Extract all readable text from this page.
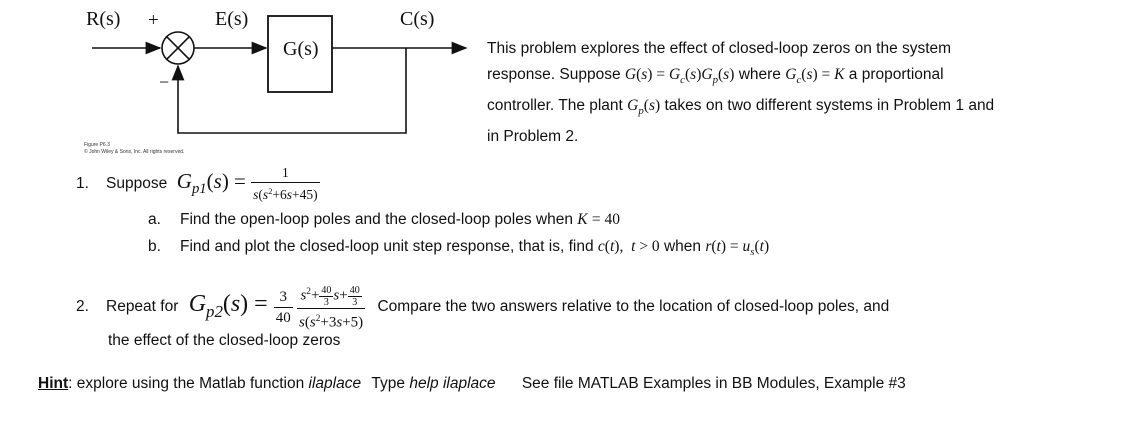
R(s) +	E(s)
G(s)
C(s)
−
Figure P6.3
© John Wiley & Sons, Inc. All rights reserved.
This problem explores the effect of closed-loop zeros on the system
response. Suppose $G(s) = G_c(s)G_p(s)$ where $G_c(s) = K$ a proportional
controller. The plant $G_p(s)$ takes on two different systems in Problem 1 and
in Problem 2.
1. Suppose  $G_{p1}(s) = \frac{1}{s(s^2+6s+45)}$
a. Find the open-loop poles and the closed-loop poles when K = 40
b. Find and plot the closed-loop unit step response, that is, find c(t),  t > 0 when $r(t) = u_s(t)$
2. Repeat for  $G_{p2}(s) = \frac{3}{40}$
$\frac{s^2+ \frac{40}{3} s+ \frac{40}{3}}{s(s^2+3s+5)}$ Compare the two answers relative to the location of closed-loop poles, and
the effect of the closed-loop zeros
Hint: explore using the Matlab function ilaplace Type help ilaplace See file MATLAB Examples in BB Modules, Example #3
